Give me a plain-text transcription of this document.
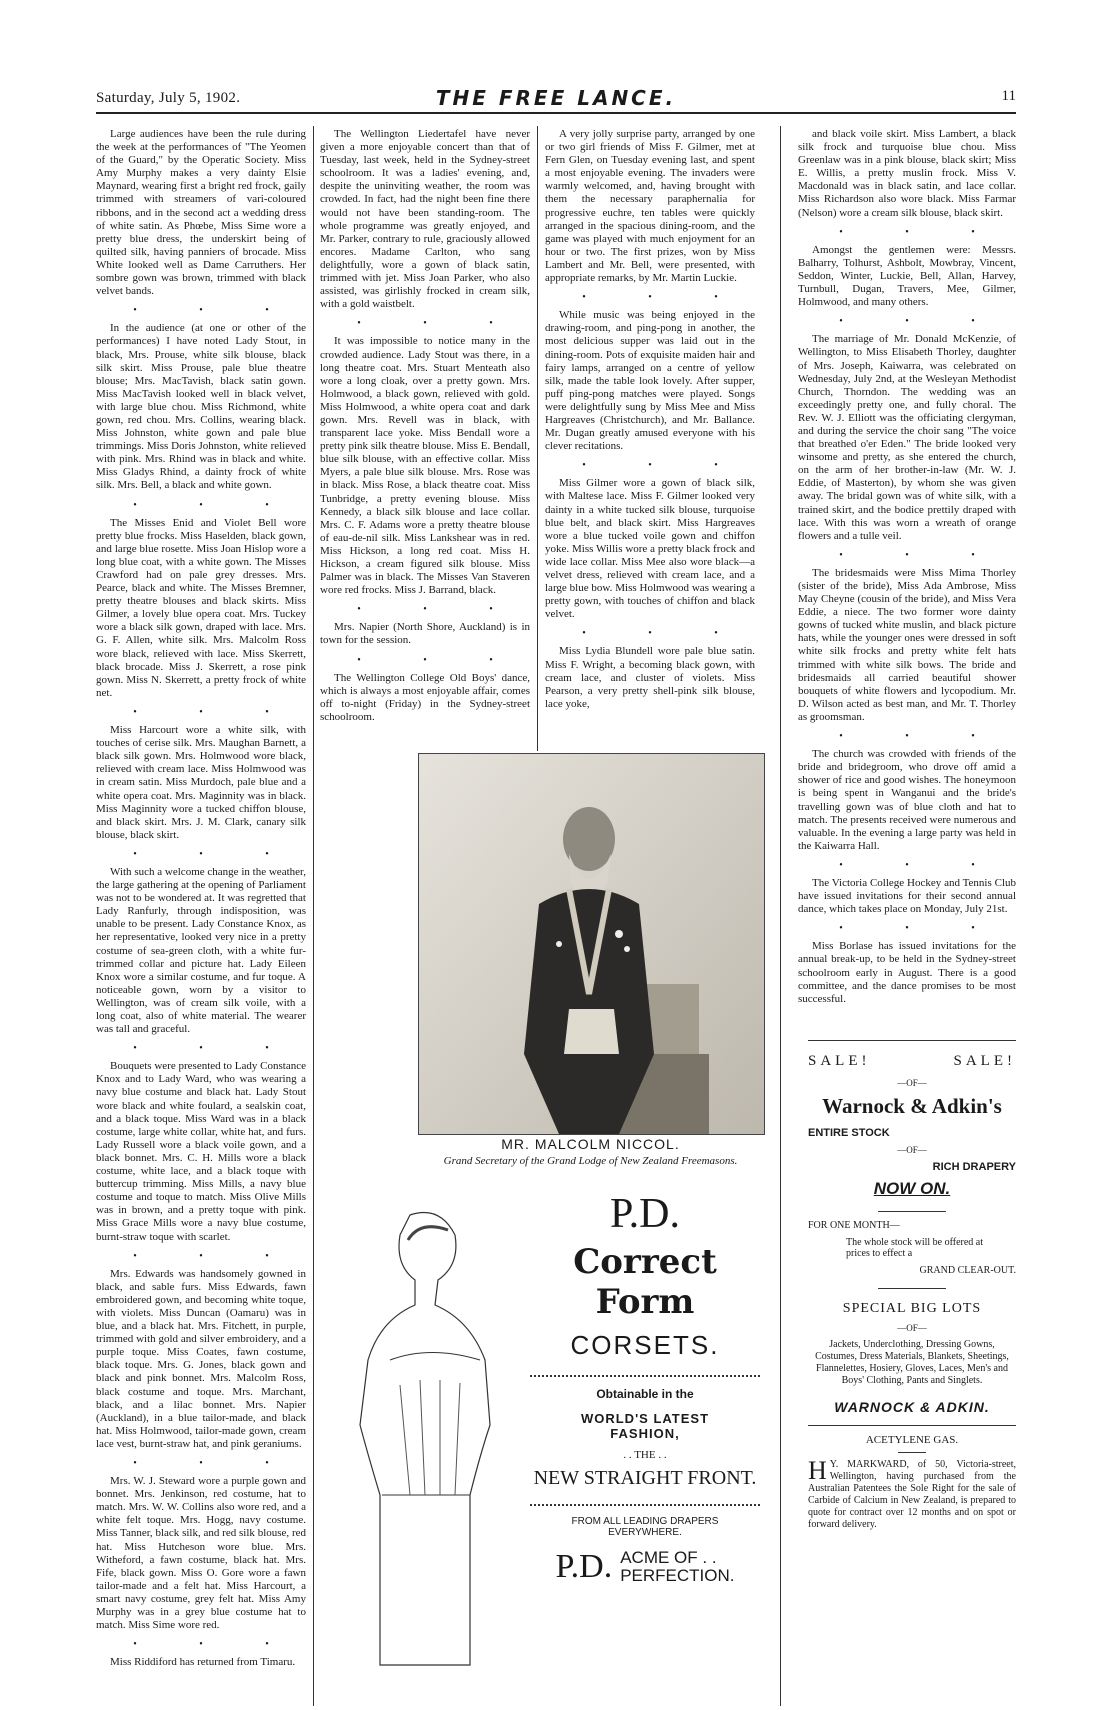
Saturday, July 5, 1902.	THE FREE LANCE.	11

Large audiences have been the rule during the week at the performances of "The Yeomen of the Guard," by the Operatic Society. Miss Amy Murphy makes a very dainty Elsie Maynard, wearing first a bright red frock, gaily trimmed with streamers of vari-coloured ribbons, and in the second act a wedding dress of white satin. As Phœbe, Miss Sime wore a pretty blue dress, the underskirt being of quilted silk, having panniers of brocade. Miss White looked well as Dame Carruthers. Her sombre gown was brown, trimmed with black velvet bands.

• • •

In the audience (at one or other of the performances) I have noted Lady Stout, in black, Mrs. Prouse, white silk blouse, black silk skirt. Miss Prouse, pale blue theatre blouse; Mrs. MacTavish, black satin gown. Miss MacTavish looked well in black velvet, with large blue chou. Miss Richmond, white gown, red chou. Mrs. Collins, wearing black. Miss Johnston, white gown and pale blue trimmings. Miss Doris Johnston, white relieved with pink. Mrs. Rhind was in black and white. Miss Gladys Rhind, a dainty frock of white silk. Mrs. Bell, a black and white gown.

• • •

The Misses Enid and Violet Bell wore pretty blue frocks. Miss Haselden, black gown, and large blue rosette. Miss Joan Hislop wore a long blue coat, with a white gown. The Misses Crawford had on pale grey dresses. Mrs. Pearce, black and white. The Misses Bremner, pretty theatre blouses and black skirts. Miss Gilmer, a lovely blue opera coat. Mrs. Tuckey wore a black silk gown, draped with lace. Mrs. G. F. Allen, white silk. Mrs. Malcolm Ross wore black, relieved with lace. Miss Skerrett, black brocade. Miss J. Skerrett, a rose pink gown. Miss N. Skerrett, a pretty frock of white net.

• • •

Miss Harcourt wore a white silk, with touches of cerise silk. Mrs. Maughan Barnett, a black silk gown. Mrs. Holmwood wore black, relieved with cream lace. Miss Holmwood was in cream satin. Miss Murdoch, pale blue and a white opera coat. Mrs. Maginnity was in black. Miss Maginnity wore a tucked chiffon blouse, and black skirt. Mrs. J. M. Clark, canary silk blouse, black skirt.

• • •

With such a welcome change in the weather, the large gathering at the opening of Parliament was not to be wondered at. It was regretted that Lady Ranfurly, through indisposition, was unable to be present. Lady Constance Knox, as her representative, looked very nice in a pretty costume of sea-green cloth, with a white fur-trimmed collar and picture hat. Lady Eileen Knox wore a similar costume, and fur toque. A noticeable gown, worn by a visitor to Wellington, was of cream silk voile, with a long coat, also of white material. The wearer was tall and graceful.

• • •

Bouquets were presented to Lady Constance Knox and to Lady Ward, who was wearing a navy blue costume and black hat. Lady Stout wore black and white foulard, a sealskin coat, and a black toque. Miss Ward was in a black costume, large white collar, white hat, and furs. Lady Russell wore a black voile gown, and a black bonnet. Mrs. C. H. Mills wore a black costume, white lace, and a black toque with buttercup trimming. Miss Mills, a navy blue costume and toque to match. Miss Olive Mills was in brown, and a pretty toque with pink. Miss Grace Mills wore a navy blue costume, burnt-straw toque with scarlet.

• • •

Mrs. Edwards was handsomely gowned in black, and sable furs. Miss Edwards, fawn embroidered gown, and becoming white toque, with violets. Miss Duncan (Oamaru) was in blue, and a black hat. Mrs. Fitchett, in purple, trimmed with gold and silver embroidery, and a purple toque. Miss Coates, fawn costume, black toque. Mrs. G. Jones, black gown and black and pink bonnet. Mrs. Malcolm Ross, black costume and toque. Mrs. Marchant, black, and a lilac bonnet. Mrs. Napier (Auckland), in a blue tailor-made, and black hat. Miss Holmwood, tailor-made gown, cream lace vest, burnt-straw hat, and pink geraniums.

• • •

Mrs. W. J. Steward wore a purple gown and bonnet. Mrs. Jenkinson, red costume, hat to match. Mrs. W. W. Collins also wore red, and a white felt toque. Mrs. Hogg, navy costume. Miss Tanner, black silk, and red silk blouse, red hat. Miss Hutcheson wore blue. Mrs. Witheford, a fawn costume, black hat. Mrs. Fife, black gown. Miss O. Gore wore a fawn tailor-made and a felt hat. Miss Harcourt, a smart navy costume, grey felt hat. Miss Amy Murphy was in a grey blue costume hat to match. Miss Sime wore red.

• • •

Miss Riddiford has returned from Timaru.

The Wellington Liedertafel have never given a more enjoyable concert than that of Tuesday, last week, held in the Sydney-street schoolroom. It was a ladies' evening, and, despite the uninviting weather, the room was crowded. In fact, had the night been fine there would not have been standing-room. The whole programme was greatly enjoyed, and Mr. Parker, contrary to rule, graciously allowed encores. Madame Carlton, who sang delightfully, wore a gown of black satin, trimmed with jet. Miss Joan Parker, who also assisted, was girlishly frocked in cream silk, with a gold waistbelt.

• • •

It was impossible to notice many in the crowded audience. Lady Stout was there, in a long theatre coat. Mrs. Stuart Menteath also wore a long cloak, over a pretty gown. Mrs. Holmwood, a black gown, relieved with gold. Miss Holmwood, a white opera coat and dark gown. Mrs. Revell was in black, with transparent lace yoke. Miss Bendall wore a pretty pink silk theatre blouse. Miss E. Bendall, blue silk blouse, with an effective collar. Miss Myers, a pale blue silk blouse. Mrs. Rose was in black. Miss Rose, a black theatre coat. Miss Tunbridge, a pretty evening blouse. Miss Kennedy, a black silk blouse and lace collar. Mrs. C. F. Adams wore a pretty theatre blouse of eau-de-nil silk. Miss Lankshear was in red. Miss Hickson, a long red coat. Miss H. Hickson, a cream figured silk blouse. Miss Palmer was in black. The Misses Van Staveren wore red frocks. Miss J. Barrand, black.

• • •

Mrs. Napier (North Shore, Auckland) is in town for the session.

• • •

The Wellington College Old Boys' dance, which is always a most enjoyable affair, comes off to-night (Friday) in the Sydney-street schoolroom.

A very jolly surprise party, arranged by one or two girl friends of Miss F. Gilmer, met at Fern Glen, on Tuesday evening last, and spent a most enjoyable evening. The invaders were warmly welcomed, and, having brought with them the necessary paraphernalia for progressive euchre, ten tables were quickly arranged in the spacious dining-room, and the game was played with much enjoyment for an hour or two. The first prizes, won by Miss Lambert and Mr. Bell, were presented, with appropriate remarks, by Mr. Martin Luckie.

• • •

While music was being enjoyed in the drawing-room, and ping-pong in another, the most delicious supper was laid out in the dining-room. Pots of exquisite maiden hair and fairy lamps, arranged on a centre of yellow silk, made the table look lovely. After supper, puff ping-pong matches were played. Songs were delightfully sung by Miss Mee and Miss Hargreaves (Christchurch), and Mr. Ballance. Mr. Dugan greatly amused everyone with his clever recitations.

• • •

Miss Gilmer wore a gown of black silk, with Maltese lace. Miss F. Gilmer looked very dainty in a white tucked silk blouse, turquoise blue belt, and black skirt. Miss Hargreaves wore a blue tucked voile gown and chiffon yoke. Miss Willis wore a pretty black frock and wide lace collar. Miss Mee also wore black—a velvet dress, relieved with cream lace, and a large blue bow. Miss Holmwood was wearing a pretty gown, with touches of chiffon and black velvet.

• • •

Miss Lydia Blundell wore pale blue satin. Miss F. Wright, a becoming black gown, with cream lace, and cluster of violets. Miss Pearson, a very pretty shell-pink silk blouse, lace yoke,

and black voile skirt. Miss Lambert, a black silk frock and turquoise blue chou. Miss Greenlaw was in a pink blouse, black skirt; Miss E. Willis, a pretty muslin frock. Miss V. Macdonald was in black satin, and lace collar. Miss Richardson also wore black. Miss Farmar (Nelson) wore a cream silk blouse, black skirt.

• • •

Amongst the gentlemen were: Messrs. Balharry, Tolhurst, Ashbolt, Mowbray, Vincent, Seddon, Winter, Luckie, Bell, Allan, Harvey, Turnbull, Dugan, Travers, Mee, Gilmer, Holmwood, and many others.

• • •

The marriage of Mr. Donald McKenzie, of Wellington, to Miss Elisabeth Thorley, daughter of Mrs. Joseph, Kaiwarra, was celebrated on Wednesday, July 2nd, at the Wesleyan Methodist Church, Thorndon. The wedding was an exceedingly pretty one, and fully choral. The Rev. W. J. Elliott was the officiating clergyman, and during the service the choir sang "The voice that breathed o'er Eden." The bride looked very winsome and pretty, as she entered the church, on the arm of her brother-in-law (Mr. W. J. Eddie, of Masterton), by whom she was given away. The bridal gown was of white silk, with a trained skirt, and the bodice prettily draped with lace. With this was worn a wreath of orange flowers and a tulle veil.

• • •

The bridesmaids were Miss Mima Thorley (sister of the bride), Miss Ada Ambrose, Miss May Cheyne (cousin of the bride), and Miss Vera Eddie, a niece. The two former wore dainty gowns of tucked white muslin, and black picture hats, while the younger ones were dressed in soft white silk frocks and pretty white felt hats trimmed with white silk bows. The bride and bridesmaids all carried beautiful shower bouquets of white flowers and lycopodium. Mr. D. Wilson acted as best man, and Mr. T. Thorley as groomsman.

• • •

The church was crowded with friends of the bride and bridegroom, who drove off amid a shower of rice and good wishes. The honeymoon is being spent in Wanganui and the bride's travelling gown was of blue cloth and hat to match. The presents received were numerous and valuable. In the evening a large party was held in the Kaiwarra Hall.

• • •

The Victoria College Hockey and Tennis Club have issued invitations for their second annual dance, which takes place on Monday, July 21st.

• • •

Miss Borlase has issued invitations for the annual break-up, to be held in the Sydney-street schoolroom early in August. There is a good committee, and the dance promises to be most successful.

MR. MALCOLM NICCOL.
Grand Secretary of the Grand Lodge of New Zealand Freemasons.
P.D.
Correct Form
CORSETS.
Obtainable in the
WORLD'S LATEST
FASHION,
. . THE . .
NEW STRAIGHT FRONT.
FROM ALL LEADING DRAPERS
EVERYWHERE.
P.D. ACME OF . .
PERFECTION.
SALE!	SALE!
—OF—
Warnock & Adkin's
ENTIRE STOCK
—OF—
RICH DRAPERY
NOW ON.
FOR ONE MONTH—
The whole stock will be offered at prices to effect a
GRAND CLEAR-OUT.
SPECIAL BIG LOTS
—OF—
Jackets, Underclothing, Dressing Gowns, Costumes, Dress Materials, Blankets, Sheetings, Flannelettes, Hosiery, Gloves, Laces, Men's and Boys' Clothing, Pants and Singlets.
WARNOCK & ADKIN.
ACETYLENE GAS.
H Y. MARKWARD, of 50, Victoria-street, Wellington, having purchased from the Australian Patentees the Sole Right for the sale of Carbide of Calcium in New Zealand, is prepared to quote for contract over 12 months and on spot or forward delivery.
